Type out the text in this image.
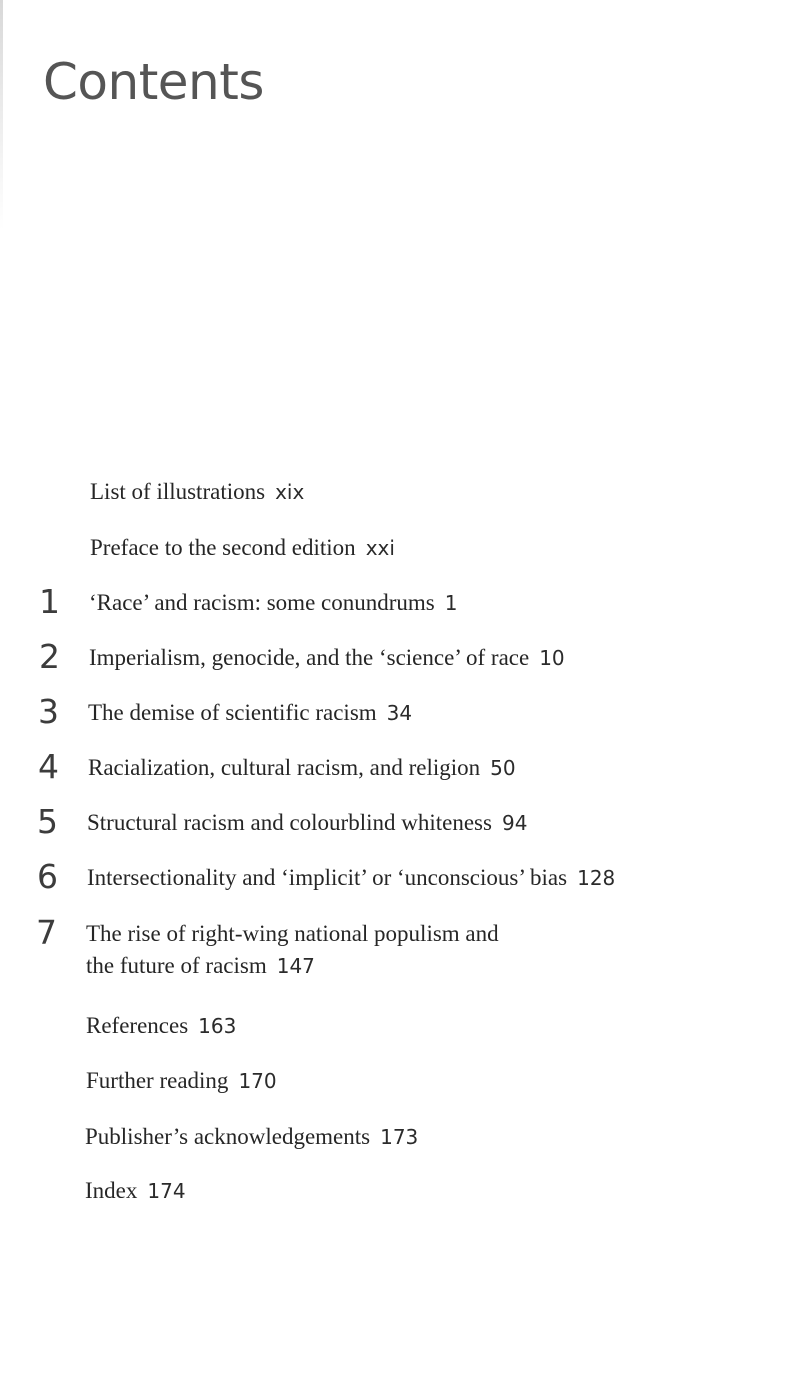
Contents
List of illustrations xix
Preface to the second edition xxi
1 ‘Race’ and racism: some conundrums 1
2 Imperialism, genocide, and the ‘science’ of race 10
3 The demise of scientific racism 34
4 Racialization, cultural racism, and religion 50
5 Structural racism and colourblind whiteness 94
6 Intersectionality and ‘implicit’ or ‘unconscious’ bias 128
7 The rise of right-wing national populism and
the future of racism 147
References 163
Further reading 170
Publisher’s acknowledgements 173
Index 174
